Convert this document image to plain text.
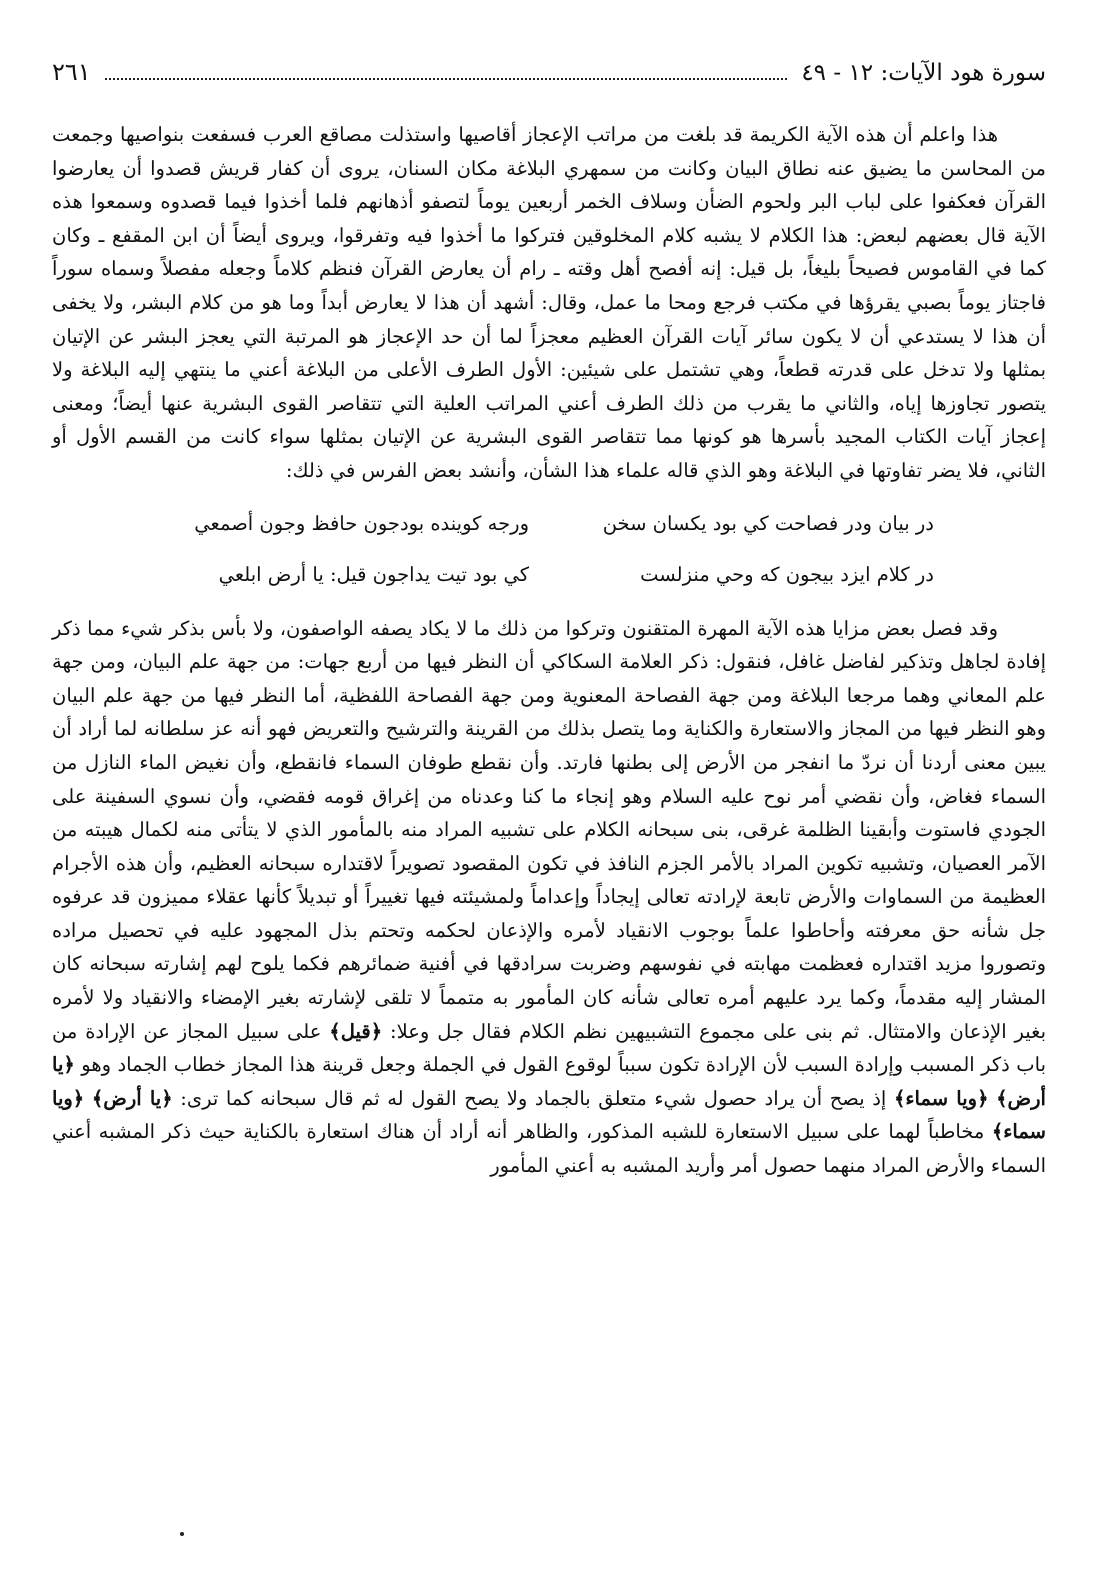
سورة هود الآيات: ١٢ - ٤٩
٢٦١

هذا واعلم أن هذه الآية الكريمة قد بلغت من مراتب الإعجاز أقاصيها واستذلت مصاقع العرب فسفعت بنواصيها وجمعت من المحاسن ما يضيق عنه نطاق البيان وكانت من سمهري البلاغة مكان السنان، يروى أن كفار قريش قصدوا أن يعارضوا القرآن فعكفوا على لباب البر ولحوم الضأن وسلاف الخمر أربعين يوماً لتصفو أذهانهم فلما أخذوا فيما قصدوه وسمعوا هذه الآية قال بعضهم لبعض: هذا الكلام لا يشبه كلام المخلوقين فتركوا ما أخذوا فيه وتفرقوا، ويروى أيضاً أن ابن المقفع ـ وكان كما في القاموس فصيحاً بليغاً، بل قيل: إنه أفصح أهل وقته ـ رام أن يعارض القرآن فنظم كلاماً وجعله مفصلاً وسماه سوراً فاجتاز يوماً بصبي يقرؤها في مكتب فرجع ومحا ما عمل، وقال: أشهد أن هذا لا يعارض أبداً وما هو من كلام البشر، ولا يخفى أن هذا لا يستدعي أن لا يكون سائر آيات القرآن العظيم معجزاً لما أن حد الإعجاز هو المرتبة التي يعجز البشر عن الإتيان بمثلها ولا تدخل على قدرته قطعاً، وهي تشتمل على شيئين: الأول الطرف الأعلى من البلاغة أعني ما ينتهي إليه البلاغة ولا يتصور تجاوزها إياه، والثاني ما يقرب من ذلك الطرف أعني المراتب العلية التي تتقاصر القوى البشرية عنها أيضاً؛ ومعنى إعجاز آيات الكتاب المجيد بأسرها هو كونها مما تتقاصر القوى البشرية عن الإتيان بمثلها سواء كانت من القسم الأول أو الثاني، فلا يضر تفاوتها في البلاغة وهو الذي قاله علماء هذا الشأن، وأنشد بعض الفرس في ذلك:

در بيان ودر فصاحت كي بود يكسان سخن
ورجه كوينده بودجون حافظ وجون أصمعي
در كلام ايزد بيجون كه وحي منزلست
كي بود تيت يداجون قيل: يا أرض ابلعي

وقد فصل بعض مزايا هذه الآية المهرة المتقنون وتركوا من ذلك ما لا يكاد يصفه الواصفون، ولا بأس بذكر شيء مما ذكر إفادة لجاهل وتذكير لفاضل غافل، فنقول: ذكر العلامة السكاكي أن النظر فيها من أربع جهات: من جهة علم البيان، ومن جهة علم المعاني وهما مرجعا البلاغة ومن جهة الفصاحة المعنوية ومن جهة الفصاحة اللفظية، أما النظر فيها من جهة علم البيان وهو النظر فيها من المجاز والاستعارة والكناية وما يتصل بذلك من القرينة والترشيح والتعريض فهو أنه عز سلطانه لما أراد أن يبين معنى أردنا أن نردّ ما انفجر من الأرض إلى بطنها فارتد. وأن نقطع طوفان السماء فانقطع، وأن نغيض الماء النازل من السماء فغاض، وأن نقضي أمر نوح عليه السلام وهو إنجاء ما كنا وعدناه من إغراق قومه فقضي، وأن نسوي السفينة على الجودي فاستوت وأبقينا الظلمة غرقى، بنى سبحانه الكلام على تشبيه المراد منه بالمأمور الذي لا يتأتى منه لكمال هيبته من الآمر العصيان، وتشبيه تكوين المراد بالأمر الجزم النافذ في تكون المقصود تصويراً لاقتداره سبحانه العظيم، وأن هذه الأجرام العظيمة من السماوات والأرض تابعة لإرادته تعالى إيجاداً وإعداماً ولمشيئته فيها تغييراً أو تبديلاً كأنها عقلاء مميزون قد عرفوه جل شأنه حق معرفته وأحاطوا علماً بوجوب الانقياد لأمره والإذعان لحكمه وتحتم بذل المجهود عليه في تحصيل مراده وتصوروا مزيد اقتداره فعظمت مهابته في نفوسهم وضربت سرادقها في أفنية ضمائرهم فكما يلوح لهم إشارته سبحانه كان المشار إليه مقدماً، وكما يرد عليهم أمره تعالى شأنه كان المأمور به متمماً لا تلقى لإشارته بغير الإمضاء والانقياد ولا لأمره بغير الإذعان والامتثال. ثم بنى على مجموع التشبيهين نظم الكلام فقال جل وعلا: ﴿ قيل ﴾ على سبيل المجاز عن الإرادة من باب ذكر المسبب وإرادة السبب لأن الإرادة تكون سبباً لوقوع القول في الجملة وجعل قرينة هذا المجاز خطاب الجماد وهو ﴿ يا أرض ﴾ ﴿ ويا سماء ﴾ إذ يصح أن يراد حصول شيء متعلق بالجماد ولا يصح القول له ثم قال سبحانه كما ترى: ﴿ يا أرض ﴾ ﴿ ويا سماء ﴾ مخاطباً لهما على سبيل الاستعارة للشبه المذكور، والظاهر أنه أراد أن هناك استعارة بالكناية حيث ذكر المشبه أعني السماء والأرض المراد منهما حصول أمر وأريد المشبه به أعني المأمور
